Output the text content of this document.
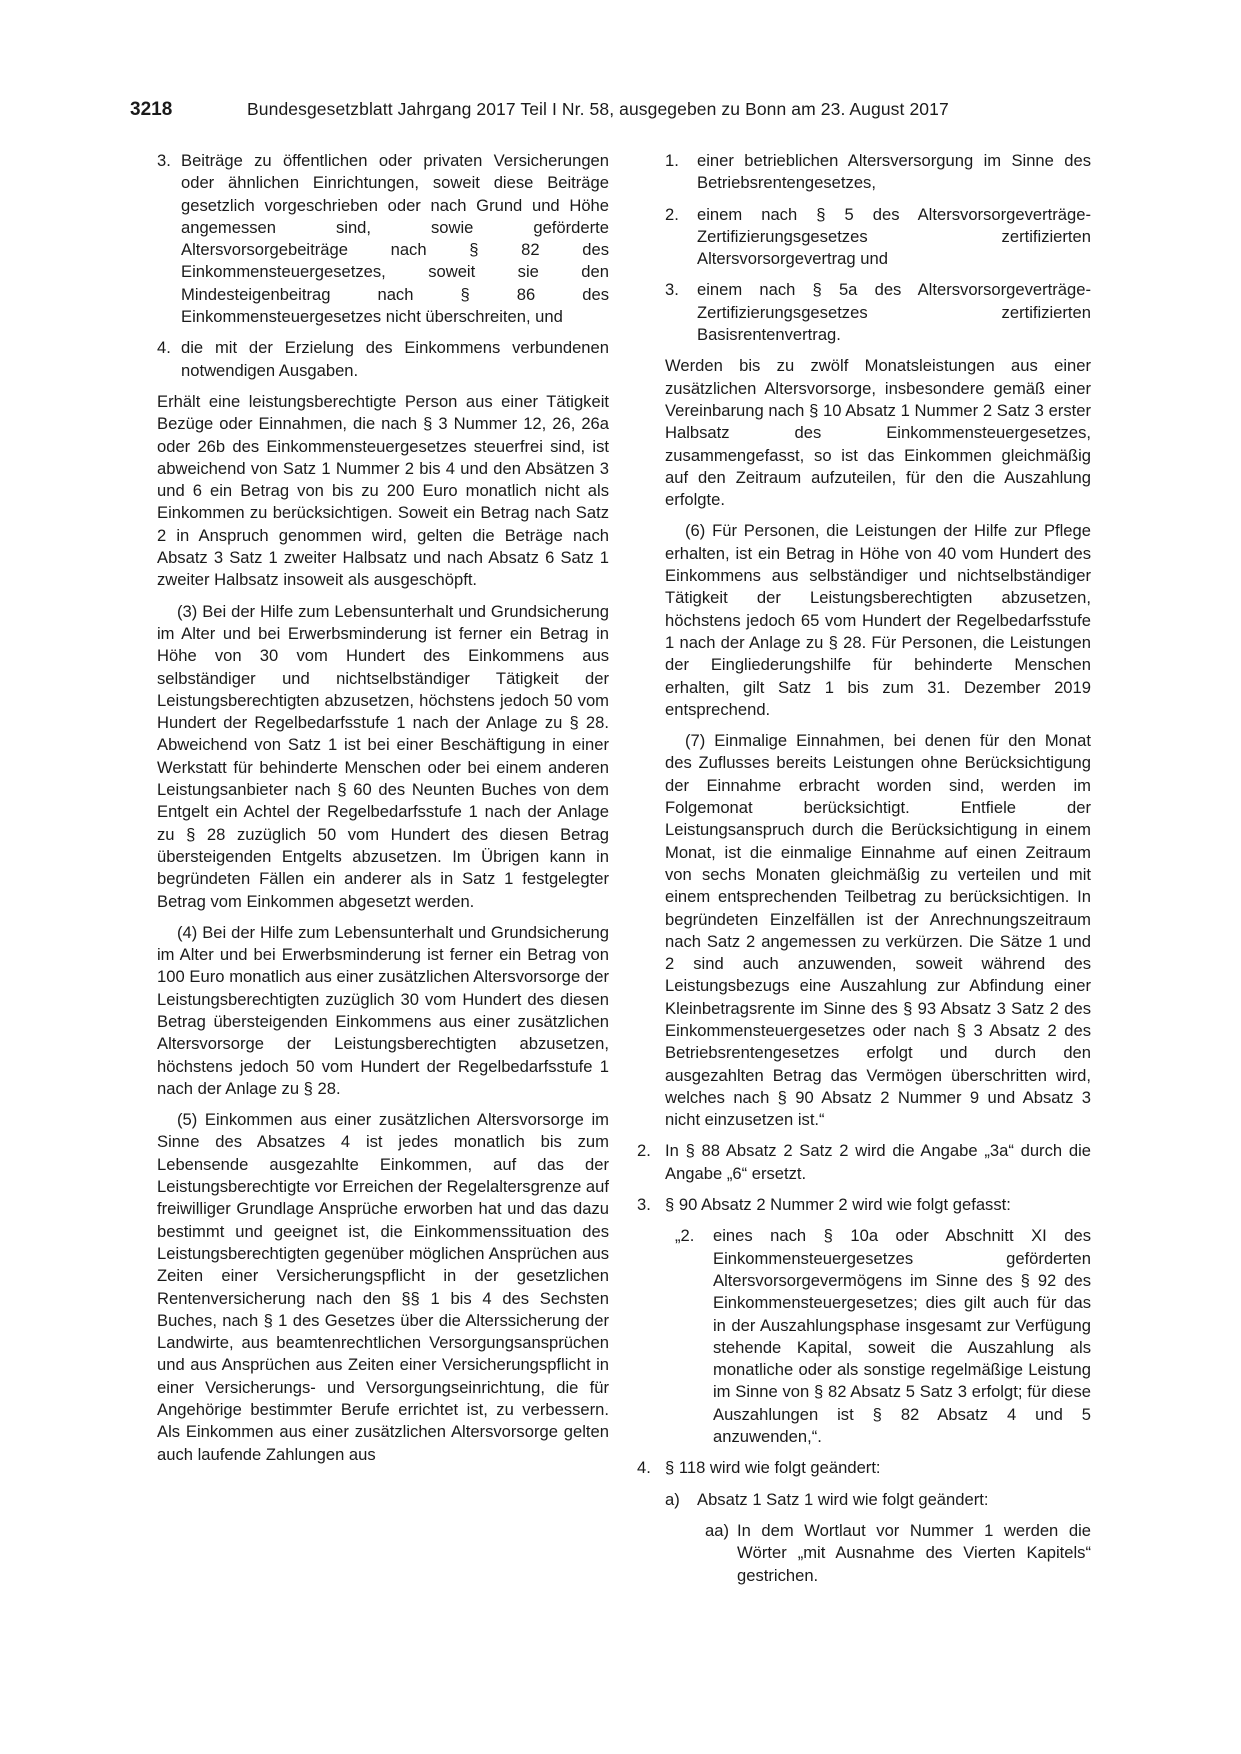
3218	Bundesgesetzblatt Jahrgang 2017 Teil I Nr. 58, ausgegeben zu Bonn am 23. August 2017
3. Beiträge zu öffentlichen oder privaten Versicherungen oder ähnlichen Einrichtungen, soweit diese Beiträge gesetzlich vorgeschrieben oder nach Grund und Höhe angemessen sind, sowie geförderte Altersvorsorgebeiträge nach § 82 des Einkommensteuergesetzes, soweit sie den Mindesteigenbeitrag nach § 86 des Einkommensteuergesetzes nicht überschreiten, und
4. die mit der Erzielung des Einkommens verbundenen notwendigen Ausgaben.

Erhält eine leistungsberechtigte Person aus einer Tätigkeit Bezüge oder Einnahmen, die nach § 3 Nummer 12, 26, 26a oder 26b des Einkommensteuergesetzes steuerfrei sind, ist abweichend von Satz 1 Nummer 2 bis 4 und den Absätzen 3 und 6 ein Betrag von bis zu 200 Euro monatlich nicht als Einkommen zu berücksichtigen. Soweit ein Betrag nach Satz 2 in Anspruch genommen wird, gelten die Beträge nach Absatz 3 Satz 1 zweiter Halbsatz und nach Absatz 6 Satz 1 zweiter Halbsatz insoweit als ausgeschöpft.

(3) Bei der Hilfe zum Lebensunterhalt und Grundsicherung im Alter und bei Erwerbsminderung ist ferner ein Betrag in Höhe von 30 vom Hundert des Einkommens aus selbständiger und nichtselbständiger Tätigkeit der Leistungsberechtigten abzusetzen, höchstens jedoch 50 vom Hundert der Regelbedarfsstufe 1 nach der Anlage zu § 28. Abweichend von Satz 1 ist bei einer Beschäftigung in einer Werkstatt für behinderte Menschen oder bei einem anderen Leistungsanbieter nach § 60 des Neunten Buches von dem Entgelt ein Achtel der Regelbedarfsstufe 1 nach der Anlage zu § 28 zuzüglich 50 vom Hundert des diesen Betrag übersteigenden Entgelts abzusetzen. Im Übrigen kann in begründeten Fällen ein anderer als in Satz 1 festgelegter Betrag vom Einkommen abgesetzt werden.

(4) Bei der Hilfe zum Lebensunterhalt und Grundsicherung im Alter und bei Erwerbsminderung ist ferner ein Betrag von 100 Euro monatlich aus einer zusätzlichen Altersvorsorge der Leistungsberechtigten zuzüglich 30 vom Hundert des diesen Betrag übersteigenden Einkommens aus einer zusätzlichen Altersvorsorge der Leistungsberechtigten abzusetzen, höchstens jedoch 50 vom Hundert der Regelbedarfsstufe 1 nach der Anlage zu § 28.

(5) Einkommen aus einer zusätzlichen Altersvorsorge im Sinne des Absatzes 4 ist jedes monatlich bis zum Lebensende ausgezahlte Einkommen, auf das der Leistungsberechtigte vor Erreichen der Regelaltersgrenze auf freiwilliger Grundlage Ansprüche erworben hat und das dazu bestimmt und geeignet ist, die Einkommenssituation des Leistungsberechtigten gegenüber möglichen Ansprüchen aus Zeiten einer Versicherungspflicht in der gesetzlichen Rentenversicherung nach den §§ 1 bis 4 des Sechsten Buches, nach § 1 des Gesetzes über die Alterssicherung der Landwirte, aus beamtenrechtlichen Versorgungsansprüchen und aus Ansprüchen aus Zeiten einer Versicherungspflicht in einer Versicherungs- und Versorgungseinrichtung, die für Angehörige bestimmter Berufe errichtet ist, zu verbessern. Als Einkommen aus einer zusätzlichen Altersvorsorge gelten auch laufende Zahlungen aus

1.	einer betrieblichen Altersversorgung im Sinne des Betriebsrentengesetzes,
2.	einem nach § 5 des Altersvorsorgeverträge-Zertifizierungsgesetzes zertifizierten Altersvorsorgevertrag und
3.	einem nach § 5a des Altersvorsorgeverträge-Zertifizierungsgesetzes zertifizierten Basisrentenvertrag.

Werden bis zu zwölf Monatsleistungen aus einer zusätzlichen Altersvorsorge, insbesondere gemäß einer Vereinbarung nach § 10 Absatz 1 Nummer 2 Satz 3 erster Halbsatz des Einkommensteuergesetzes, zusammengefasst, so ist das Einkommen gleichmäßig auf den Zeitraum aufzuteilen, für den die Auszahlung erfolgte.

(6) Für Personen, die Leistungen der Hilfe zur Pflege erhalten, ist ein Betrag in Höhe von 40 vom Hundert des Einkommens aus selbständiger und nichtselbständiger Tätigkeit der Leistungsberechtigten abzusetzen, höchstens jedoch 65 vom Hundert der Regelbedarfsstufe 1 nach der Anlage zu § 28. Für Personen, die Leistungen der Eingliederungshilfe für behinderte Menschen erhalten, gilt Satz 1 bis zum 31. Dezember 2019 entsprechend.

(7) Einmalige Einnahmen, bei denen für den Monat des Zuflusses bereits Leistungen ohne Berücksichtigung der Einnahme erbracht worden sind, werden im Folgemonat berücksichtigt. Entfiele der Leistungsanspruch durch die Berücksichtigung in einem Monat, ist die einmalige Einnahme auf einen Zeitraum von sechs Monaten gleichmäßig zu verteilen und mit einem entsprechenden Teilbetrag zu berücksichtigen. In begründeten Einzelfällen ist der Anrechnungszeitraum nach Satz 2 angemessen zu verkürzen. Die Sätze 1 und 2 sind auch anzuwenden, soweit während des Leistungsbezugs eine Auszahlung zur Abfindung einer Kleinbetragsrente im Sinne des § 93 Absatz 3 Satz 2 des Einkommensteuergesetzes oder nach § 3 Absatz 2 des Betriebsrentengesetzes erfolgt und durch den ausgezahlten Betrag das Vermögen überschritten wird, welches nach § 90 Absatz 2 Nummer 9 und Absatz 3 nicht einzusetzen ist.“

2. In § 88 Absatz 2 Satz 2 wird die Angabe „3a“ durch die Angabe „6“ ersetzt.
3. § 90 Absatz 2 Nummer 2 wird wie folgt gefasst:
„2.	eines nach § 10a oder Abschnitt XI des Einkommensteuergesetzes geförderten Altersvorsorgevermögens im Sinne des § 92 des Einkommensteuergesetzes; dies gilt auch für das in der Auszahlungsphase insgesamt zur Verfügung stehende Kapital, soweit die Auszahlung als monatliche oder als sonstige regelmäßige Leistung im Sinne von § 82 Absatz 5 Satz 3 erfolgt; für diese Auszahlungen ist § 82 Absatz 4 und 5 anzuwenden,“.
4. § 118 wird wie folgt geändert:
a)	Absatz 1 Satz 1 wird wie folgt geändert:
aa) In dem Wortlaut vor Nummer 1 werden die Wörter „mit Ausnahme des Vierten Kapitels“ gestrichen.
